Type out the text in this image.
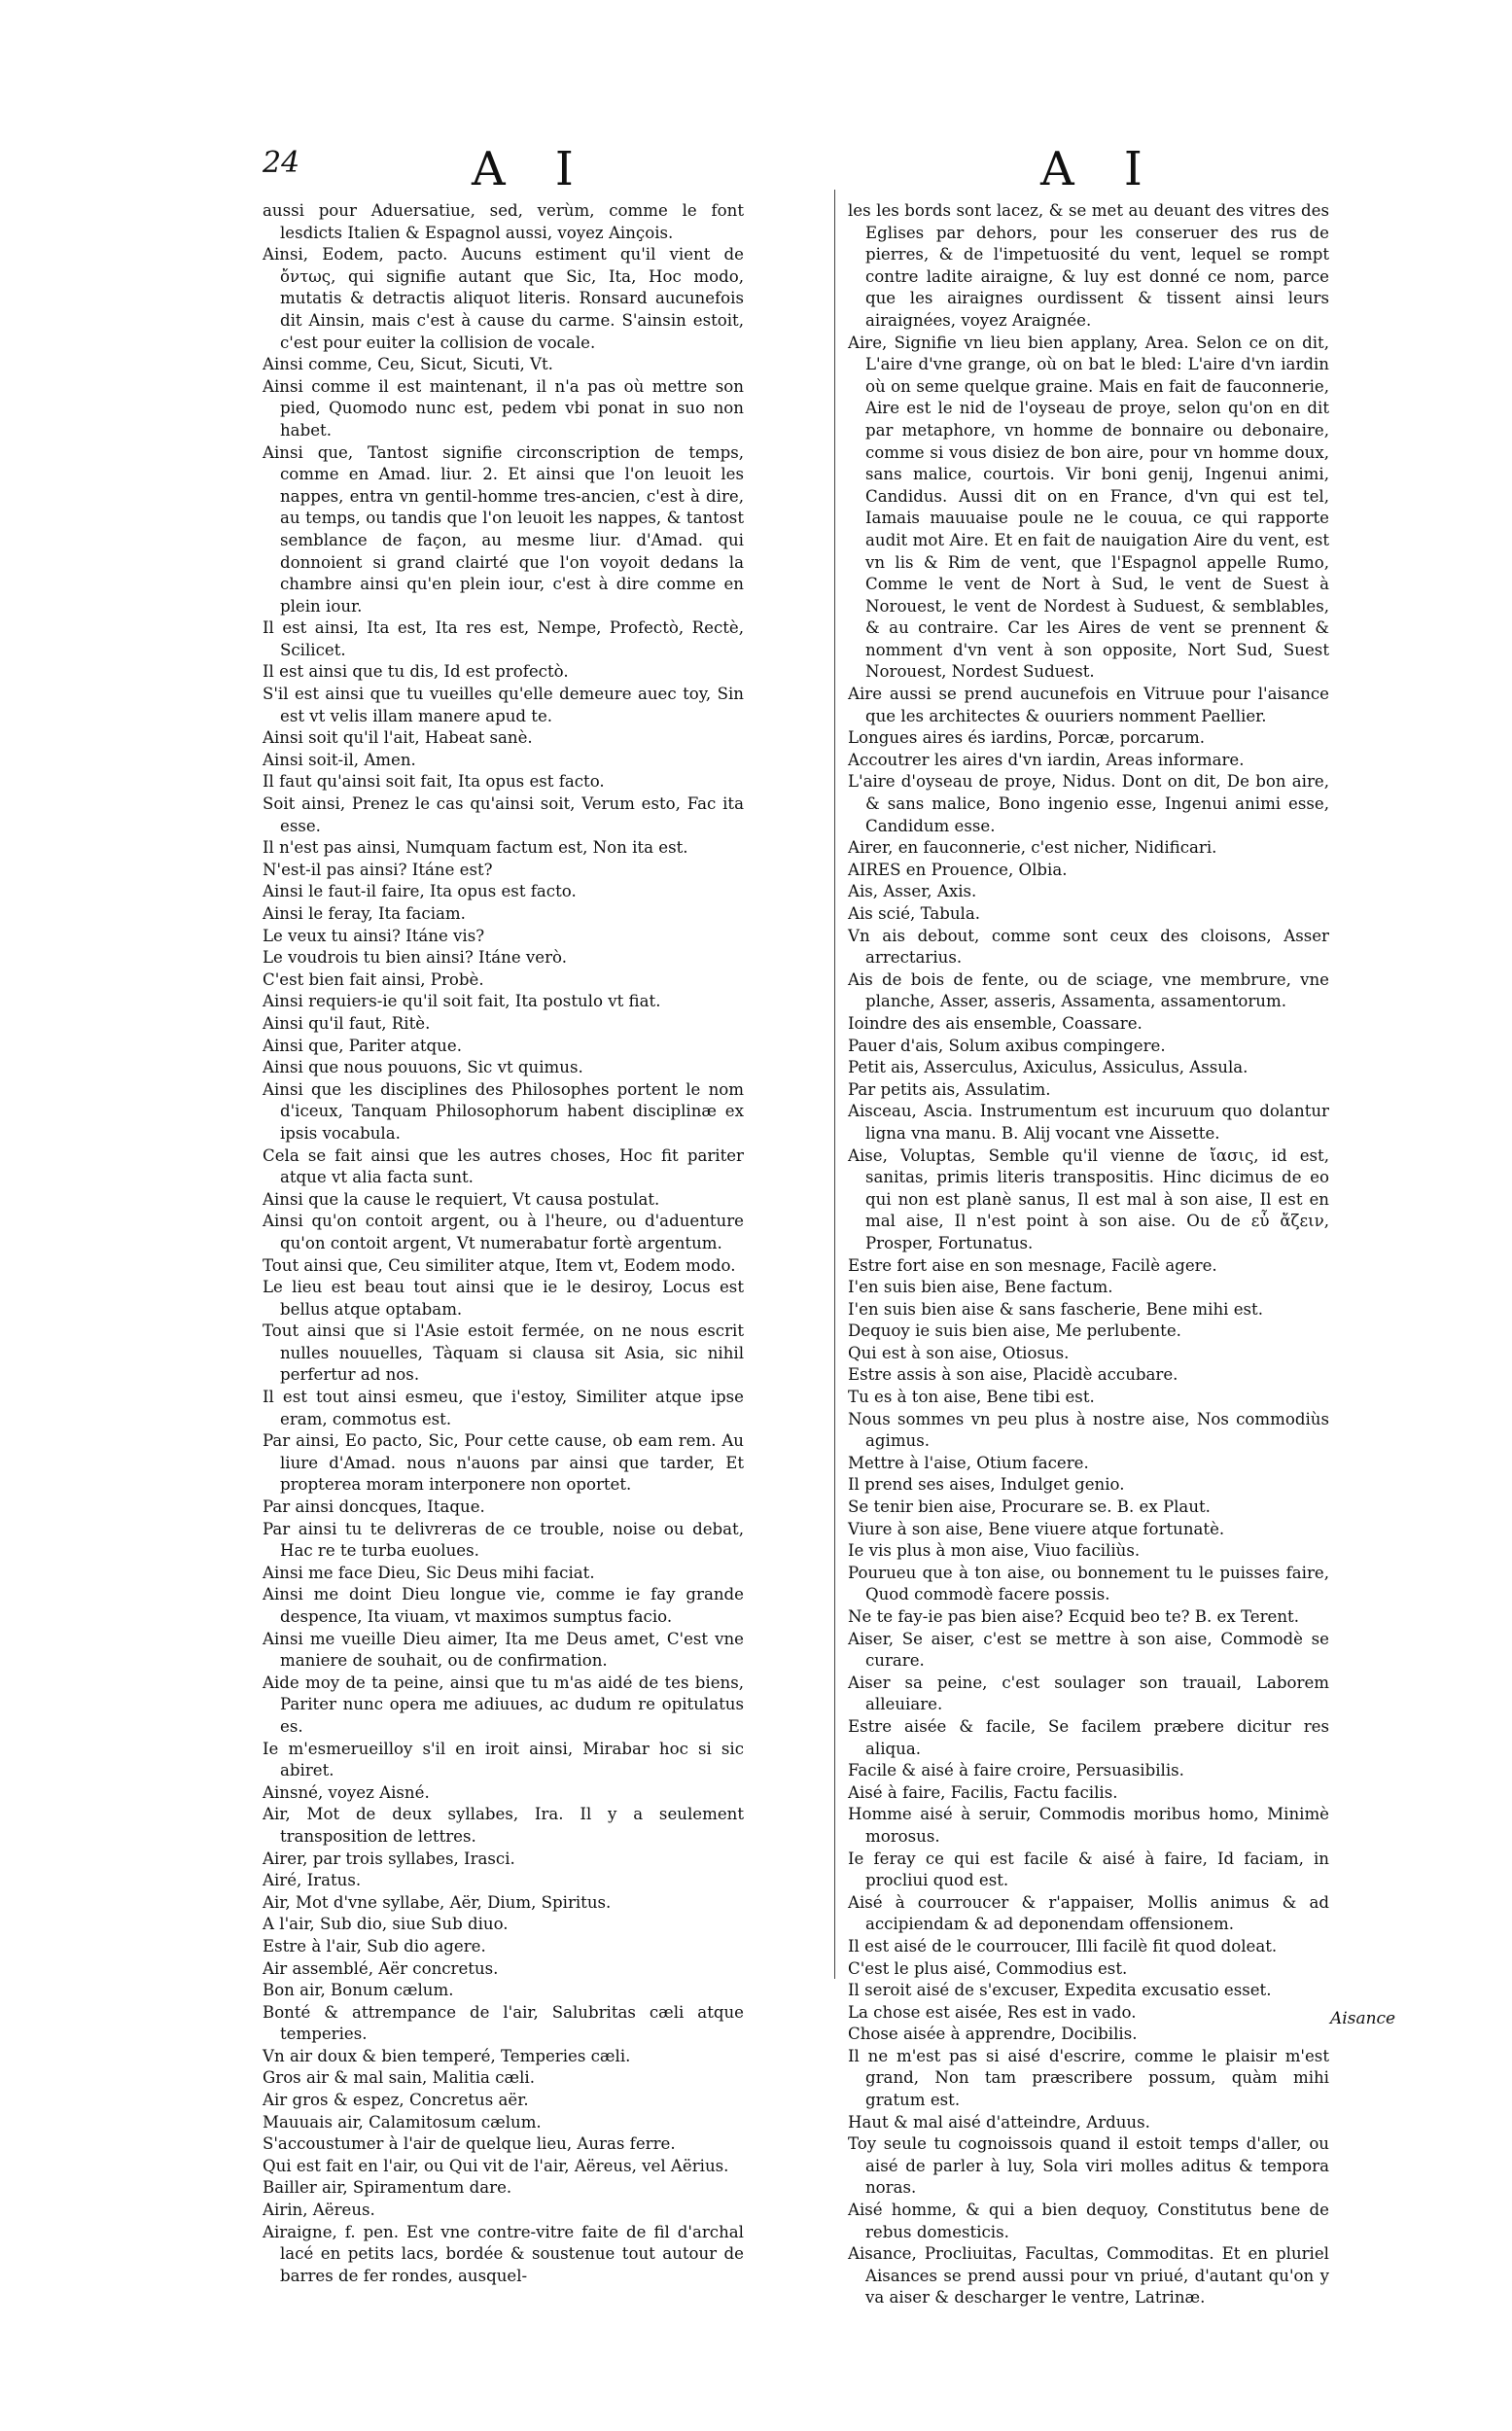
24	A I	A I

aussi pour Aduersatiue, sed, verùm, comme le font lesdicts Italien & Espagnol aussi, voyez Ainçois.

Ainsi, Eodem, pacto. Aucuns estiment qu'il vient de ὄντως, qui signifie autant que Sic, Ita, Hoc modo, mutatis & detractis aliquot literis. Ronsard aucunefois dit Ainsin, mais c'est à cause du carme. S'ainsin estoit, c'est pour euiter la collision de vocale.

Ainsi comme, Ceu, Sicut, Sicuti, Vt.

Ainsi comme il est maintenant, il n'a pas où mettre son pied, Quomodo nunc est, pedem vbi ponat in suo non habet.

Ainsi que, Tantost signifie circonscription de temps, comme en Amad. liur. 2. Et ainsi que l'on leuoit les nappes, entra vn gentil-homme tres-ancien, c'est à dire, au temps, ou tandis que l'on leuoit les nappes, & tantost semblance de façon, au mesme liur. d'Amad. qui donnoient si grand clairté que l'on voyoit dedans la chambre ainsi qu'en plein iour, c'est à dire comme en plein iour.

Il est ainsi, Ita est, Ita res est, Nempe, Profectò, Rectè, Scilicet.

Il est ainsi que tu dis, Id est profectò.

S'il est ainsi que tu vueilles qu'elle demeure auec toy, Sin est vt velis illam manere apud te.

Ainsi soit qu'il l'ait, Habeat sanè.

Ainsi soit-il, Amen.

Il faut qu'ainsi soit fait, Ita opus est facto.

Soit ainsi, Prenez le cas qu'ainsi soit, Verum esto, Fac ita esse.

Il n'est pas ainsi, Numquam factum est, Non ita est.

N'est-il pas ainsi? Itáne est?

Ainsi le faut-il faire, Ita opus est facto.

Ainsi le feray, Ita faciam.

Le veux tu ainsi? Itáne vis?

Le voudrois tu bien ainsi? Itáne verò.

C'est bien fait ainsi, Probè.

Ainsi requiers-ie qu'il soit fait, Ita postulo vt fiat.

Ainsi qu'il faut, Ritè.

Ainsi que, Pariter atque.

Ainsi que nous pouuons, Sic vt quimus.

Ainsi que les disciplines des Philosophes portent le nom d'iceux, Tanquam Philosophorum habent disciplinæ ex ipsis vocabula.

Cela se fait ainsi que les autres choses, Hoc fit pariter atque vt alia facta sunt.

Ainsi que la cause le requiert, Vt causa postulat.

Ainsi qu'on contoit argent, ou à l'heure, ou d'aduenture qu'on contoit argent, Vt numerabatur fortè argentum.

Tout ainsi que, Ceu similiter atque, Item vt, Eodem modo.

Le lieu est beau tout ainsi que ie le desiroy, Locus est bellus atque optabam.

Tout ainsi que si l'Asie estoit fermée, on ne nous escrit nulles nouuelles, Tàquam si clausa sit Asia, sic nihil perfertur ad nos.

Il est tout ainsi esmeu, que i'estoy, Similiter atque ipse eram, commotus est.

Par ainsi, Eo pacto, Sic, Pour cette cause, ob eam rem. Au liure d'Amad. nous n'auons par ainsi que tarder, Et propterea moram interponere non oportet.

Par ainsi doncques, Itaque.

Par ainsi tu te delivreras de ce trouble, noise ou debat, Hac re te turba euolues.

Ainsi me face Dieu, Sic Deus mihi faciat.

Ainsi me doint Dieu longue vie, comme ie fay grande despence, Ita viuam, vt maximos sumptus facio.

Ainsi me vueille Dieu aimer, Ita me Deus amet, C'est vne maniere de souhait, ou de confirmation.

Aide moy de ta peine, ainsi que tu m'as aidé de tes biens, Pariter nunc opera me adiuues, ac dudum re opitulatus es.

Ie m'esmerueilloy s'il en iroit ainsi, Mirabar hoc si sic abiret.

Ainsné, voyez Aisné.

Air, Mot de deux syllabes, Ira. Il y a seulement transposition de lettres.

Airer, par trois syllabes, Irasci.

Airé, Iratus.

Air, Mot d'vne syllabe, Aër, Dium, Spiritus.

A l'air, Sub dio, siue Sub diuo.

Estre à l'air, Sub dio agere.

Air assemblé, Aër concretus.

Bon air, Bonum cælum.

Bonté & attrempance de l'air, Salubritas cæli atque temperies.

Vn air doux & bien temperé, Temperies cæli.

Gros air & mal sain, Malitia cæli.

Air gros & espez, Concretus aër.

Mauuais air, Calamitosum cælum.

S'accoustumer à l'air de quelque lieu, Auras ferre.

Qui est fait en l'air, ou Qui vit de l'air, Aëreus, vel Aërius.

Bailler air, Spiramentum dare.

Airin, Aëreus.

Airaigne, f. pen. Est vne contre-vitre faite de fil d'archal lacé en petits lacs, bordée & soustenue tout autour de barres de fer rondes, ausquel-

les les bords sont lacez, & se met au deuant des vitres des Eglises par dehors, pour les conseruer des rus de pierres, & de l'impetuosité du vent, lequel se rompt contre ladite airaigne, & luy est donné ce nom, parce que les airaignes ourdissent & tissent ainsi leurs airaignées, voyez Araignée.

Aire, Signifie vn lieu bien applany, Area. Selon ce on dit, L'aire d'vne grange, où on bat le bled: L'aire d'vn iardin où on seme quelque graine. Mais en fait de fauconnerie, Aire est le nid de l'oyseau de proye, selon qu'on en dit par metaphore, vn homme de bonnaire ou debonaire, comme si vous disiez de bon aire, pour vn homme doux, sans malice, courtois. Vir boni genij, Ingenui animi, Candidus. Aussi dit on en France, d'vn qui est tel, Iamais mauuaise poule ne le couua, ce qui rapporte audit mot Aire. Et en fait de nauigation Aire du vent, est vn lis & Rim de vent, que l'Espagnol appelle Rumo, Comme le vent de Nort à Sud, le vent de Suest à Norouest, le vent de Nordest à Suduest, & semblables, & au contraire. Car les Aires de vent se prennent & nomment d'vn vent à son opposite, Nort Sud, Suest Norouest, Nordest Suduest.

Aire aussi se prend aucunefois en Vitruue pour l'aisance que les architectes & ouuriers nomment Paellier.

Longues aires és iardins, Porcæ, porcarum.

Accoutrer les aires d'vn iardin, Areas informare.

L'aire d'oyseau de proye, Nidus. Dont on dit, De bon aire, & sans malice, Bono ingenio esse, Ingenui animi esse, Candidum esse.

Airer, en fauconnerie, c'est nicher, Nidificari.

AIRES en Prouence, Olbia.

Ais, Asser, Axis.

Ais scié, Tabula.

Vn ais debout, comme sont ceux des cloisons, Asser arrectarius.

Ais de bois de fente, ou de sciage, vne membrure, vne planche, Asser, asseris, Assamenta, assamentorum.

Ioindre des ais ensemble, Coassare.

Pauer d'ais, Solum axibus compingere.

Petit ais, Asserculus, Axiculus, Assiculus, Assula.

Par petits ais, Assulatim.

Aisceau, Ascia. Instrumentum est incuruum quo dolantur ligna vna manu. B. Alij vocant vne Aissette.

Aise, Voluptas, Semble qu'il vienne de ἴασις, id est, sanitas, primis literis transpositis. Hinc dicimus de eo qui non est planè sanus, Il est mal à son aise, Il est en mal aise, Il n'est point à son aise. Ou de εὖ ἄζειν, Prosper, Fortunatus.

Estre fort aise en son mesnage, Facilè agere.

I'en suis bien aise, Bene factum.

I'en suis bien aise & sans fascherie, Bene mihi est.

Dequoy ie suis bien aise, Me perlubente.

Qui est à son aise, Otiosus.

Estre assis à son aise, Placidè accubare.

Tu es à ton aise, Bene tibi est.

Nous sommes vn peu plus à nostre aise, Nos commodiùs agimus.

Mettre à l'aise, Otium facere.

Il prend ses aises, Indulget genio.

Se tenir bien aise, Procurare se. B. ex Plaut.

Viure à son aise, Bene viuere atque fortunatè.

Ie vis plus à mon aise, Viuo faciliùs.

Pourueu que à ton aise, ou bonnement tu le puisses faire, Quod commodè facere possis.

Ne te fay-ie pas bien aise? Ecquid beo te? B. ex Terent.

Aiser, Se aiser, c'est se mettre à son aise, Commodè se curare.

Aiser sa peine, c'est soulager son trauail, Laborem alleuiare.

Estre aisée & facile, Se facilem præbere dicitur res aliqua.

Facile & aisé à faire croire, Persuasibilis.

Aisé à faire, Facilis, Factu facilis.

Homme aisé à seruir, Commodis moribus homo, Minimè morosus.

Ie feray ce qui est facile & aisé à faire, Id faciam, in procliui quod est.

Aisé à courroucer & r'appaiser, Mollis animus & ad accipiendam & ad deponendam offensionem.

Il est aisé de le courroucer, Illi facilè fit quod doleat.

C'est le plus aisé, Commodius est.

Il seroit aisé de s'excuser, Expedita excusatio esset.

La chose est aisée, Res est in vado.

Chose aisée à apprendre, Docibilis.

Il ne m'est pas si aisé d'escrire, comme le plaisir m'est grand, Non tam præscribere possum, quàm mihi gratum est.

Haut & mal aisé d'atteindre, Arduus.

Toy seule tu cognoissois quand il estoit temps d'aller, ou aisé de parler à luy, Sola viri molles aditus & tempora noras.

Aisé homme, & qui a bien dequoy, Constitutus bene de rebus domesticis.

Aisance, Procliuitas, Facultas, Commoditas. Et en pluriel Aisances se prend aussi pour vn priué, d'autant qu'on y va aiser & descharger le ventre, Latrinæ.

Aisance
